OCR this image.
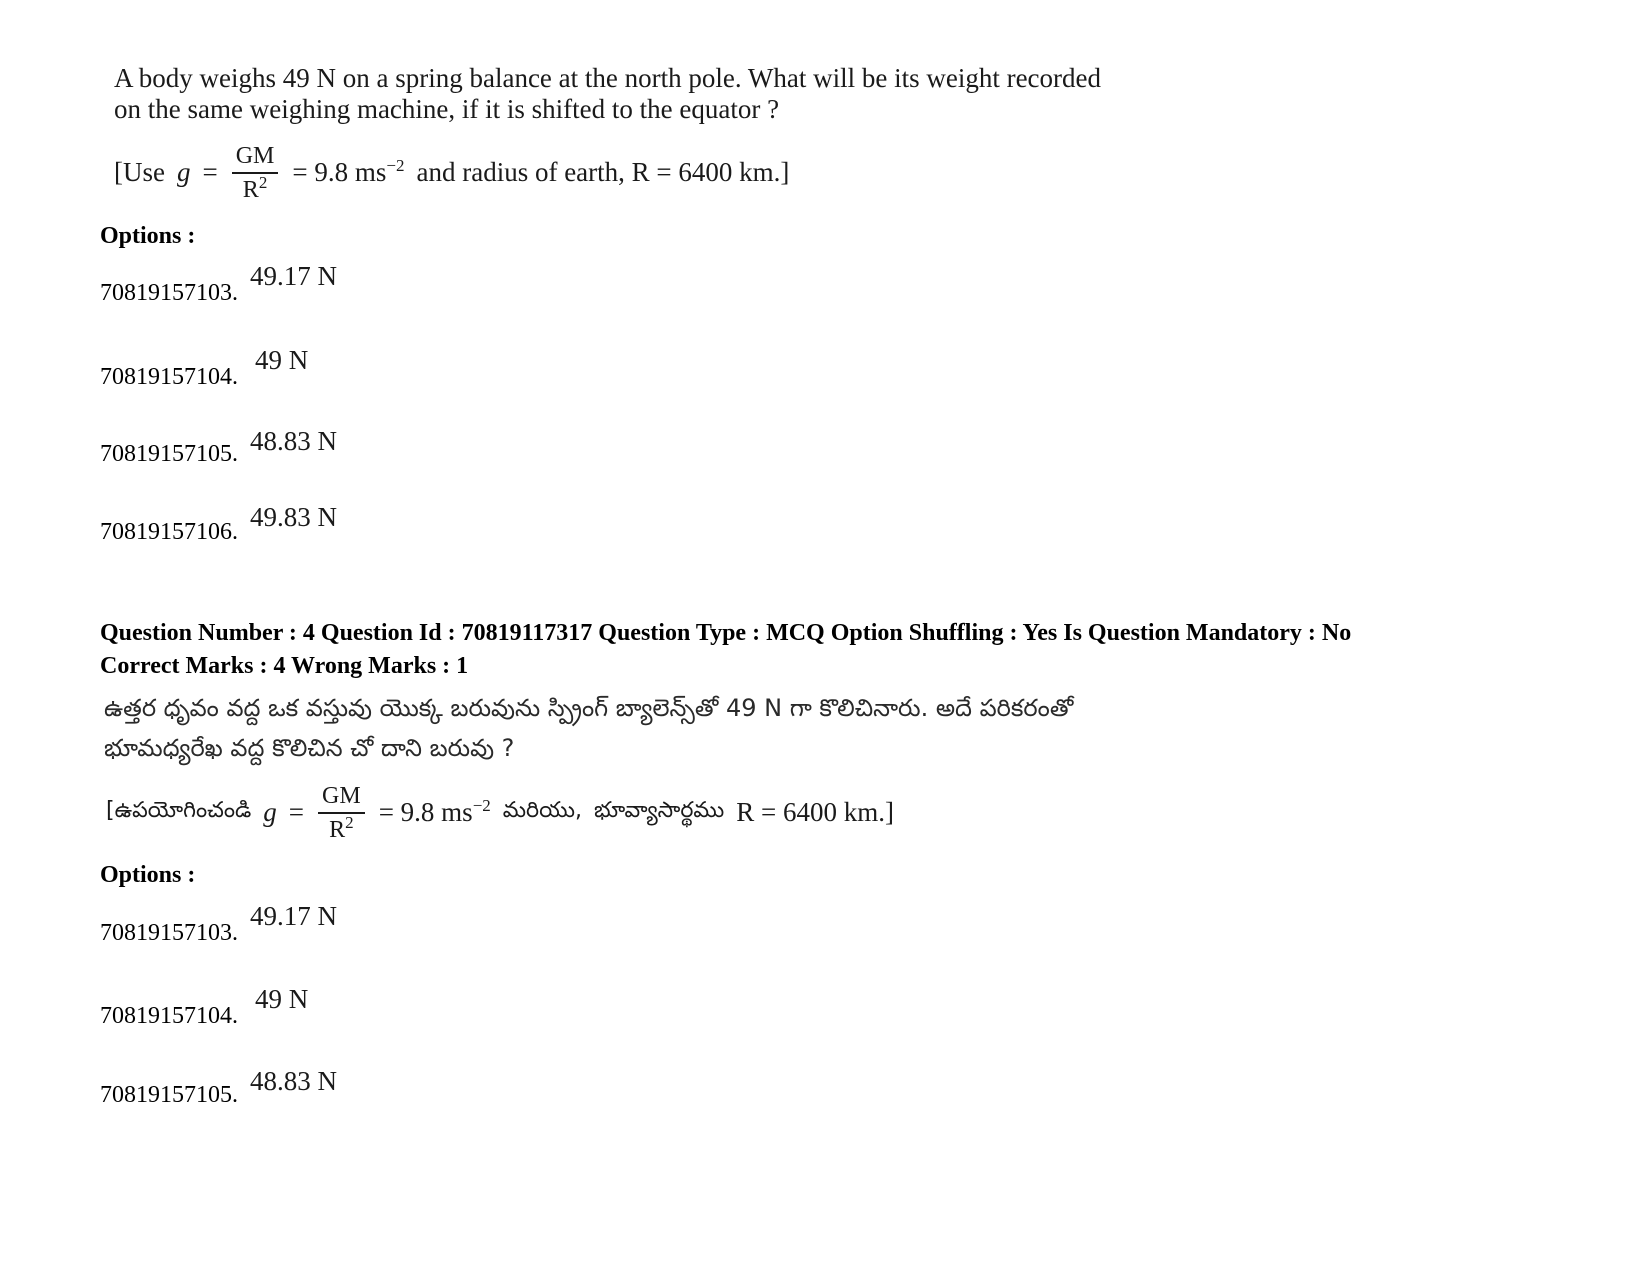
A body weighs 49 N on a spring balance at the north pole. What will be its weight recorded
on the same weighing machine, if it is shifted to the equator ?
[Use $g = \frac{GM}{R^2} = 9.8$ $ms^{-2}$ and radius of earth, R = 6400 km.]
Options :
70819157103.
49.17 N
70819157104.
49 N
70819157105. 48.83 N
70819157106. 49.83 N
Question Number : 4 Question Id : 70819117317 Question Type : MCQ Option Shuffling : Yes Is Question Mandatory : No
Correct Marks : 4 Wrong Marks : 1
ఉత్తర ధృవం వద్ద ఒక వస్తువు యొక్క బరువును స్ప్రింగ్ బ్యాలెన్స్‌తో 49 N గా కొలిచినారు. అదే పరికరంతో
భూమధ్యరేఖ వద్ద కొలిచిన చో దాని బరువు ?
[ఉపయోగించండి $g = \frac{GM}{R^2} = 9.8$ $ms^{-2}$ మరియు, భూవ్యాసార్థము R = 6400 km.]
Options :
70819157103.
49.17 N
70819157104.
49 N
70819157105. 48.83 N
